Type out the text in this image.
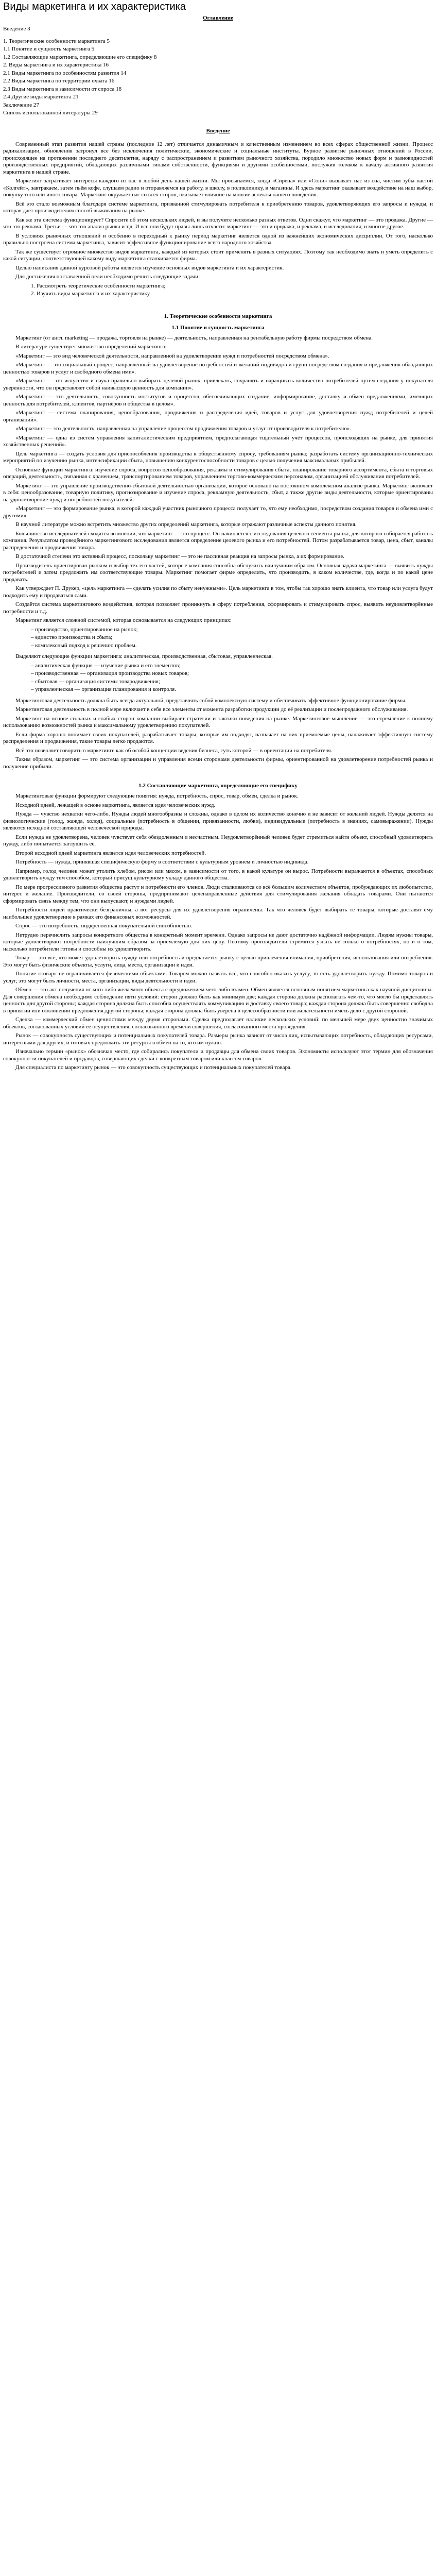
Виды маркетинга и их характеристика
Оглавление
Введение 3
1. Теоретические особенности маркетинга 5
1.1 Понятие и сущность маркетинга 5
1.2 Составляющие маркетинга, определяющие его специфику 8
2. Виды маркетинга и их характеристика 16
2.1 Виды маркетинга по особенностям развития 14
2.2 Виды маркетинга по территории охвата 16
2.3 Виды маркетинга в зависимости от спроса 18
2.4 Другие виды маркетинга 21
Заключение 27
Список использованной литературы 29
Введение
Современный этап развития нашей страны (последние 12 лет) отличается динамичным и качественным изменением во всех сферах общественной жизни. Процесс радикализации, обновления затронул все без исключения политические, экономические и социальные институты. Бурное развитие рыночных отношений в России, происходящее на протяжении последнего десятилетия, наряду с распространением и развитием рыночного хозяйства, породило множество новых форм и разновидностей производственных предприятий, обладающих различными типами собственности, функциями и другими особенностями, послужив толчком к началу активного развития маркетинга в нашей стране.
Маркетинг затрагивает интересы каждого из нас в любой день нашей жизни. Мы просыпаемся, когда «Сирена» или «Сони» вызывает нас из сна, чистим зубы пастой «Колгейт», завтракаем, затем пьём кофе, слушаем радио и отправляемся на работу, в школу, в поликлинику, в магазины. И здесь маркетинг оказывает воздействие на наш выбор, покупку того или иного товара. Маркетинг окружает нас со всех сторон, оказывает влияние на многие аспекты нашего поведения.
Всё это стало возможным благодаря системе маркетинга, призванной стимулировать потребителя к приобретению товаров, удовлетворяющих его запросы и нужды, и которая даёт производителям способ выживания на рынке.
Как же эта система функционирует? Спросите об этом нескольких людей, и вы получите несколько разных ответов. Одни скажут, что маркетинг — это продажа. Другие — что это реклама. Третьи — что это анализ рынка и т.д. И все они будут правы лишь отчасти: маркетинг — это и продажа, и реклама, и исследования, и многое другое.
В условиях рыночных отношений и особенно в переходный к рынку период маркетинг является одной из важнейших экономических дисциплин. От того, насколько правильно построена система маркетинга, зависит эффективное функционирование всего народного хозяйства.
Так же существует огромное множество видов маркетинга, каждый из которых стоит применять в разных ситуациях. Поэтому так необходимо знать и уметь определить с какой ситуации, соответствующей какому виду маркетинга сталкивается фирма.
Целью написания данной курсовой работы является изучение основных видов маркетинга и их характеристик.
Для достижения поставленной цели необходимо решить следующие задачи:
1. Рассмотреть теоретические особенности маркетинга;
2. Изучить виды маркетинга и их характеристику.
1. Теоретические особенности маркетинга
1.1 Понятие и сущность маркетинга
Маркетинг (от англ. marketing — продажа, торговля на рынке) — деятельность, направленная на рентабельную работу фирмы посредством обмена.
В литературе существует множество определений маркетинга:
«Маркетинг — это вид человеческой деятельности, направленной на удовлетворение нужд и потребностей посредством обмена».
«Маркетинг — это социальный процесс, направленный на удовлетворение потребностей и желаний индивидов и групп посредством создания и предложения обладающих ценностью товаров и услуг и свободного обмена ими».
«Маркетинг — это искусство и наука правильно выбирать целевой рынок, привлекать, сохранять и наращивать количество потребителей путём создания у покупателя уверенности, что он представляет собой наивысшую ценность для компании».
«Маркетинг — это деятельность, совокупность институтов и процессов, обеспечивающих создание, информирование, доставку и обмен предложениями, имеющих ценность для потребителей, клиентов, партнёров и общества в целом».
«Маркетинг — система планирования, ценообразования, продвижения и распределения идей, товаров и услуг для удовлетворения нужд потребителей и целей организаций».
«Маркетинг — это деятельность, направленная на управление процессом продвижения товаров и услуг от производителя к потребителю».
«Маркетинг — одна из систем управления капиталистическим предприятием, предполагающая тщательный учёт процессов, происходящих на рынке, для принятия хозяйственных решений».
Цель маркетинга — создать условия для приспособления производства к общественному спросу, требованиям рынка; разработать систему организационно-технических мероприятий по изучению рынка, интенсификации сбыта, повышению конкурентоспособности товаров с целью получения максимальных прибылей.
Основные функции маркетинга: изучение спроса, вопросов ценообразования, рекламы и стимулирования сбыта, планирование товарного ассортимента, сбыта и торговых операций, деятельность, связанная с хранением, транспортированием товаров, управлением торгово-коммерческим персоналом, организацией обслуживания потребителей.
Маркетинг — это управление производственно-сбытовой деятельностью организации, которое основано на постоянном комплексном анализе рынка. Маркетинг включает в себя: ценообразование, товарную политику, прогнозирование и изучение спроса, рекламную деятельность, сбыт, а также другие виды деятельности, которые ориентированы на удовлетворение нужд и потребностей покупателей.
«Маркетинг — это формирование рынка, в которой каждый участник рыночного процесса получает то, что ему необходимо, посредством создания товаров и обмена ими с другими».
В научной литературе можно встретить множество других определений маркетинга, которые отражают различные аспекты данного понятия.
Большинство исследователей сходятся во мнении, что маркетинг — это процесс. Он начинается с исследования целевого сегмента рынка, для которого собирается работать компания. Результатом проведённого маркетингового исследования является определение целевого рынка и его потребностей. Потом разрабатывается товар, цена, сбыт, каналы распределения и продвижения товара.
В достаточной степени это активный процесс, поскольку маркетинг — это не пассивная реакция на запросы рынка, а их формирование.
Производитель ориентирован рынком и выбор тех его частей, которые компания способна обслужить наилучшим образом. Основная задача маркетинга — выявить нужды потребителей и затем предложить им соответствующие товары. Маркетинг помогает фирме определить, что производить, в каком количестве, где, когда и по какой цене продавать.
Как утверждает П. Друкер, «цель маркетинга — сделать усилия по сбыту ненужными». Цель маркетинга в том, чтобы так хорошо знать клиента, что товар или услуга будут подходить ему и продаваться сами.
Создаётся система маркетингового воздействия, которая позволяет проникнуть в сферу потребления, сформировать и стимулировать спрос, выявить неудовлетворённые потребности и т.д.
Маркетинг является сложной системой, которая основывается на следующих принципах:
– производство, ориентированное на рынок;
– единство производства и сбыта;
– комплексный подход к решению проблем.
Выделяют следующие функции маркетинга: аналитическая, производственная, сбытовая, управленческая.
– аналитическая функция — изучение рынка и его элементов;
– производственная — организация производства новых товаров;
– сбытовая — организация системы товародвижения;
– управленческая — организация планирования и контроля.
Маркетинговая деятельность должна быть всегда актуальной, представлять собой комплексную систему и обеспечивать эффективное функционирование фирмы.
Маркетинговая деятельность в полной мере включает в себя все элементы от момента разработки продукции до её реализации и послепродажного обслуживания.
Маркетинг на основе сильных и слабых сторон компании выбирает стратегии и тактики поведения на рынке. Маркетинговое мышление — это стремление к полному использованию возможностей рынка и максимальному удовлетворению покупателей.
Если фирма хорошо понимает своих покупателей, разрабатывает товары, которые им подходят, назначает на них приемлемые цены, налаживает эффективную систему распределения и продвижения, такие товары легко продаются.
Всё это позволяет говорить о маркетинге как об особой концепции ведения бизнеса, суть которой — в ориентации на потребителя.
Таким образом, маркетинг — это система организации и управления всеми сторонами деятельности фирмы, ориентированной на удовлетворение потребностей рынка и получение прибыли.
1.2 Составляющие маркетинга, определяющие его специфику
Маркетинговые функции формируют следующие понятия: нужда, потребность, спрос, товар, обмен, сделка и рынок.
Исходной идеей, лежащей в основе маркетинга, является идея человеческих нужд.
Нужда — чувство нехватки чего-либо. Нужды людей многообразны и сложны, однако в целом их количество конечно и не зависит от желаний людей. Нужды делятся на физиологические (голод, жажда, холод), социальные (потребность в общении, привязанности, любви), индивидуальные (потребность в знаниях, самовыражении). Нужды являются исходной составляющей человеческой природы.
Если нужда не удовлетворена, человек чувствует себя обездоленным и несчастным. Неудовлетворённый человек будет стремиться найти объект, способный удовлетворить нужду, либо попытается заглушить её.
Второй исходной идеей маркетинга является идея человеческих потребностей.
Потребность — нужда, принявшая специфическую форму в соответствии с культурным уровнем и личностью индивида.
Например, голод человек может утолить хлебом, рисом или мясом, в зависимости от того, в какой культуре он вырос. Потребности выражаются в объектах, способных удовлетворить нужду тем способом, который присущ культурному укладу данного общества.
По мере прогрессивного развития общества растут и потребности его членов. Люди сталкиваются со всё большим количеством объектов, пробуждающих их любопытство, интерес и желание. Производители, со своей стороны, предпринимают целенаправленные действия для стимулирования желания обладать товарами. Они пытаются сформировать связь между тем, что они выпускают, и нуждами людей.
Потребности людей практически безграничны, а вот ресурсы для их удовлетворения ограничены. Так что человек будет выбирать те товары, которые доставят ему наибольшее удовлетворение в рамках его финансовых возможностей.
Спрос — это потребность, подкреплённая покупательной способностью.
Нетрудно перечислить запросы конкретного общества в конкретный момент времени. Однако запросы не дают достаточно надёжной информации. Людям нужны товары, которые удовлетворяют потребности наилучшим образом за приемлемую для них цену. Поэтому производители стремятся узнать не только о потребностях, но и о том, насколько потребители готовы и способны их удовлетворить.
Товар — это всё, что может удовлетворить нужду или потребность и предлагается рынку с целью привлечения внимания, приобретения, использования или потребления. Это могут быть физические объекты, услуги, лица, места, организации и идеи.
Понятие «товар» не ограничивается физическими объектами. Товаром можно назвать всё, что способно оказать услугу, то есть удовлетворить нужду. Помимо товаров и услуг, это могут быть личности, места, организации, виды деятельности и идеи.
Обмен — это акт получения от кого-либо желаемого объекта с предложением чего-либо взамен. Обмен является основным понятием маркетинга как научной дисциплины. Для совершения обмена необходимо соблюдение пяти условий: сторон должно быть как минимум две; каждая сторона должна располагать чем-то, что могло бы представлять ценность для другой стороны; каждая сторона должна быть способна осуществлять коммуникацию и доставку своего товара; каждая сторона должна быть совершенно свободна в принятии или отклонении предложения другой стороны; каждая сторона должна быть уверена в целесообразности или желательности иметь дело с другой стороной.
Сделка — коммерческий обмен ценностями между двумя сторонами. Сделка предполагает наличие нескольких условий: по меньшей мере двух ценностно значимых объектов, согласованных условий её осуществления, согласованного времени совершения, согласованного места проведения.
Рынок — совокупность существующих и потенциальных покупателей товара. Размеры рынка зависят от числа лиц, испытывающих потребность, обладающих ресурсами, интересными для других, и готовых предложить эти ресурсы в обмен на то, что им нужно.
Изначально термин «рынок» обозначал место, где собирались покупатели и продавцы для обмена своих товаров. Экономисты используют этот термин для обозначения совокупности покупателей и продавцов, совершающих сделки с конкретным товаром или классом товаров.
Для специалиста по маркетингу рынок — это совокупность существующих и потенциальных покупателей товара.
